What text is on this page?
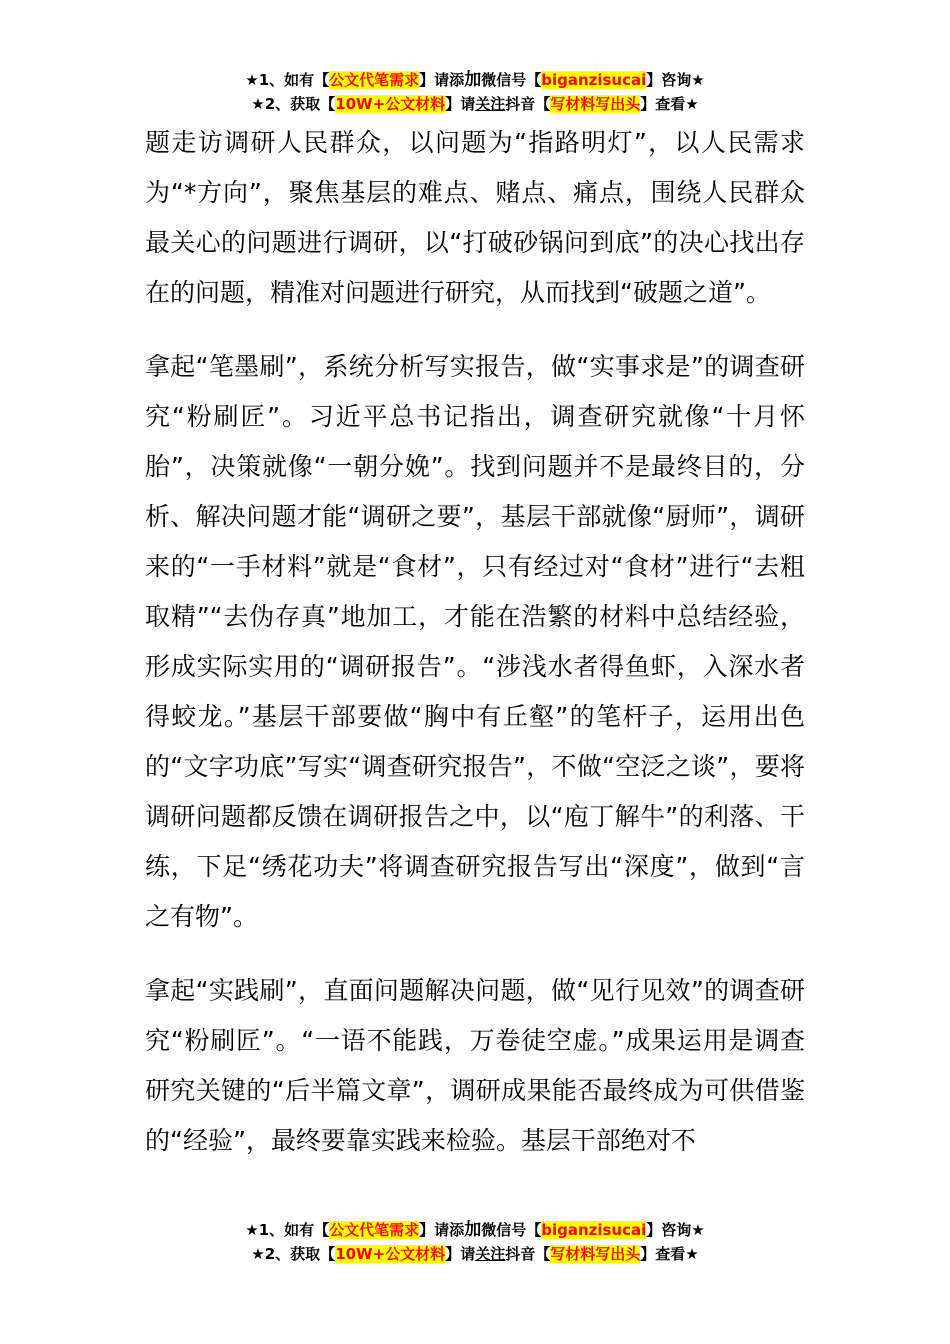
★1、如有【公文代笔需求】请添加微信号【biganzisucai】咨询★
★2、获取【10W+公文材料】请关注抖音【写材料写出头】查看★

题走访调研人民群众，以问题为“指路明灯”，以人民需求为“*方向”，聚焦基层的难点、赌点、痛点，围绕人民群众最关心的问题进行调研，以“打破砂锅问到底”的决心找出存在的问题，精准对问题进行研究，从而找到“破题之道”。

拿起“笔墨刷”，系统分析写实报告，做“实事求是”的调查研究“粉刷匠”。习近平总书记指出，调查研究就像“十月怀胎”，决策就像“一朝分娩”。找到问题并不是最终目的，分析、解决问题才能“调研之要”，基层干部就像“厨师”，调研来的“一手材料”就是“食材”，只有经过对“食材”进行“去粗取精”“去伪存真”地加工，才能在浩繁的材料中总结经验，形成实际实用的“调研报告”。“涉浅水者得鱼虾，入深水者得蛟龙。”基层干部要做“胸中有丘壑”的笔杆子，运用出色的“文字功底”写实“调查研究报告”，不做“空泛之谈”，要将调研问题都反馈在调研报告之中，以“庖丁解牛”的利落、干练，下足“绣花功夫”将调查研究报告写出“深度”，做到“言之有物”。

拿起“实践刷”，直面问题解决问题，做“见行见效”的调查研究“粉刷匠”。“一语不能践，万卷徒空虚。”成果运用是调查研究关键的“后半篇文章”，调研成果能否最终成为可供借鉴的“经验”，最终要靠实践来检验。基层干部绝对不

★1、如有【公文代笔需求】请添加微信号【biganzisucai】咨询★
★2、获取【10W+公文材料】请关注抖音【写材料写出头】查看★
